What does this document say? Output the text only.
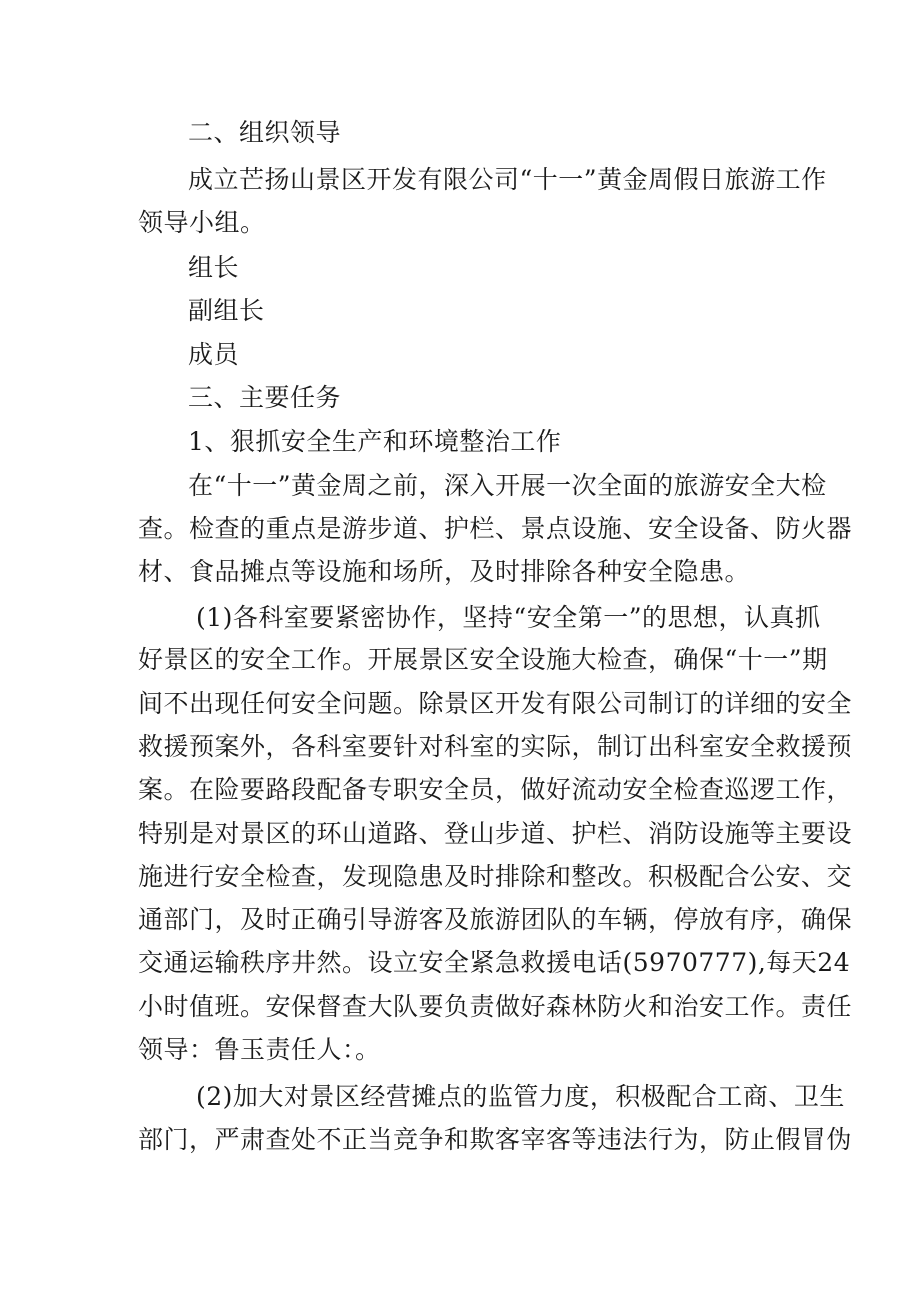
二、组织领导
成立芒扬山景区开发有限公司“十一”黄金周假日旅游工作
领导小组。
组长
副组长
成员
三、主要任务
1、狠抓安全生产和环境整治工作
在“十一”黄金周之前，深入开展一次全面的旅游安全大检
查。检查的重点是游步道、护栏、景点设施、安全设备、防火器
材、食品摊点等设施和场所，及时排除各种安全隐患。
(1)各科室要紧密协作，坚持“安全第一”的思想，认真抓
好景区的安全工作。开展景区安全设施大检查，确保“十一”期
间不出现任何安全问题。除景区开发有限公司制订的详细的安全
救援预案外，各科室要针对科室的实际，制订出科室安全救援预
案。在险要路段配备专职安全员，做好流动安全检查巡逻工作，
特别是对景区的环山道路、登山步道、护栏、消防设施等主要设
施进行安全检查，发现隐患及时排除和整改。积极配合公安、交
通部门，及时正确引导游客及旅游团队的车辆，停放有序，确保
交通运输秩序井然。设立安全紧急救援电话(5970777),每天24
小时值班。安保督查大队要负责做好森林防火和治安工作。责任
领导：鲁玉责任人：。
(2)加大对景区经营摊点的监管力度，积极配合工商、卫生
部门，严肃查处不正当竞争和欺客宰客等违法行为，防止假冒伪
